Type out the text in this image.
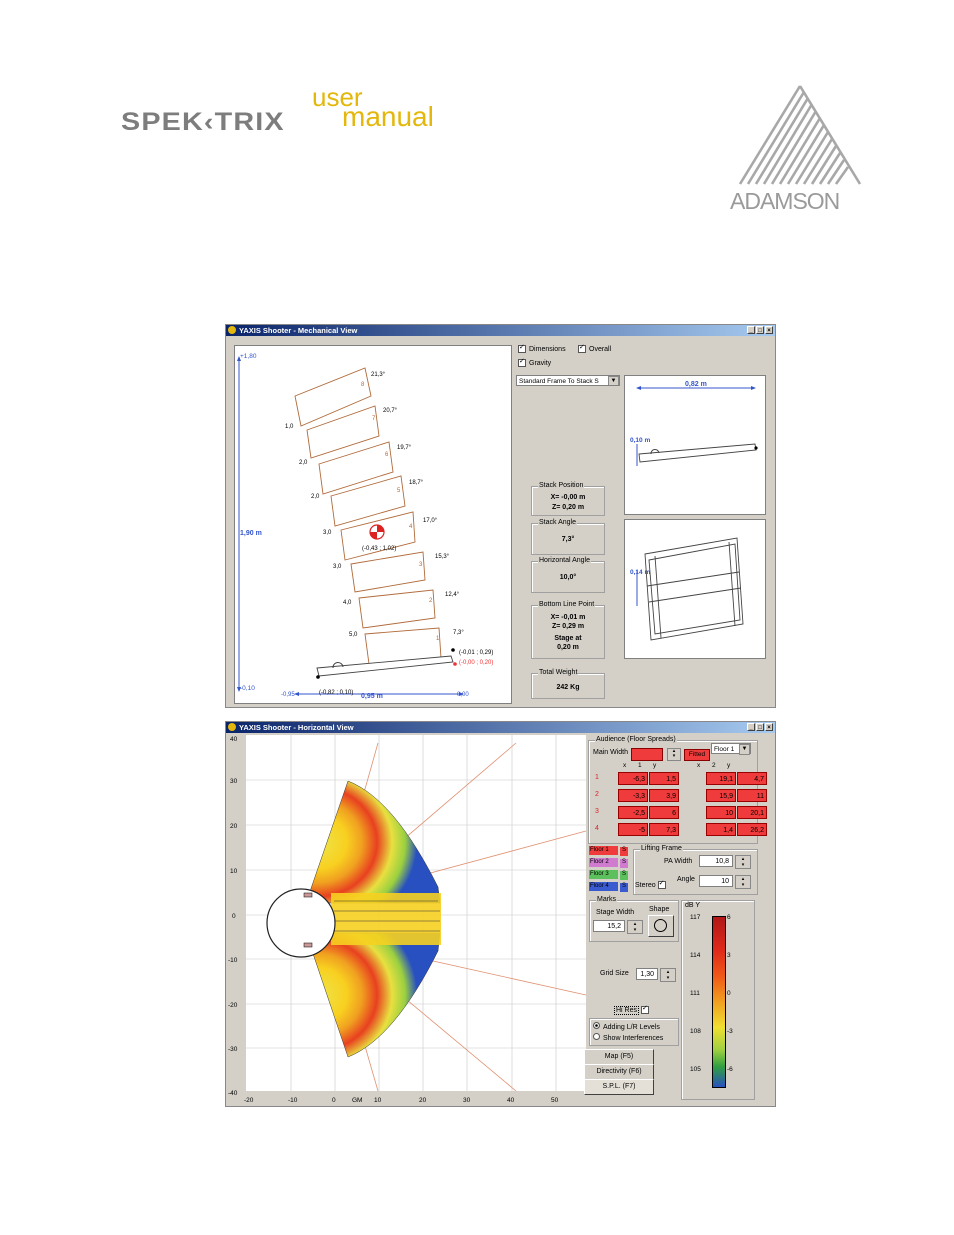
user
manual
SPEK‹TRIX
ADAMSON
YAXIS Shooter - Mechanical View	_ □ ×
+1,80
1,90 m
-0,10
-0,95	0,95 m	0,00
8
7
6
5
4
3
2
1
21,3°
20,7°
19,7°
18,7°
17,0°
15,3°
12,4°
7,3°
1,0
2,0
2,0
3,0
3,0
4,0
5,0
(-0,43 ; 1,02)
(-0,01 ; 0,29)
(-0,00 ; 0,20)
(-0,82 ; 0,10)
✓Dimensions
✓	Overall
✓Gravity
Standard Frame To Stack S	▼
Stack Position
X= -0,00 m
Z= 0,20 m
Stack Angle
7,3°
Horizontal Angle
10,0°
Bottom Line Point
X= -0,01 m
Z= 0,29 m
Stage at
0,20 m
Total Weight
242 Kg
0,82 m
0,10 m
0,14 m
YAXIS Shooter - Horizontal View	_ □ ×
40
30
20
10
0
-10
-20
-30
-40
-20	-10	0	GM 10	20	30	40	50
Audience (Floor Spreads)
Main Width	▴
▾	Fitted
Floor 1	▼
x 1 y	x 2 y
1	-6,3	1,5	19,1	4,7
2	-3,3	3,9	15,9	11
3	-2,5	6	10	20,1
4	-5	7,3	1,4	26,2
Floor 1 S
Floor 2 S
Floor 3 S
Floor 4 S
Lifting Frame
PA Width	10,8	▴
▾
Stereo ✓
Angle	10	▴
▾
Marks
Stage Width
15,2	▴
▾
Shape
Grid Size	1,30	▴
▾
Hi Res ✓
Adding L/R Levels
Show Interferences
Map (F5)
Directivity (F6)
S.P.L. (F7)
dB Y
117
114
111
108
105
6
3
0
-3
-6
